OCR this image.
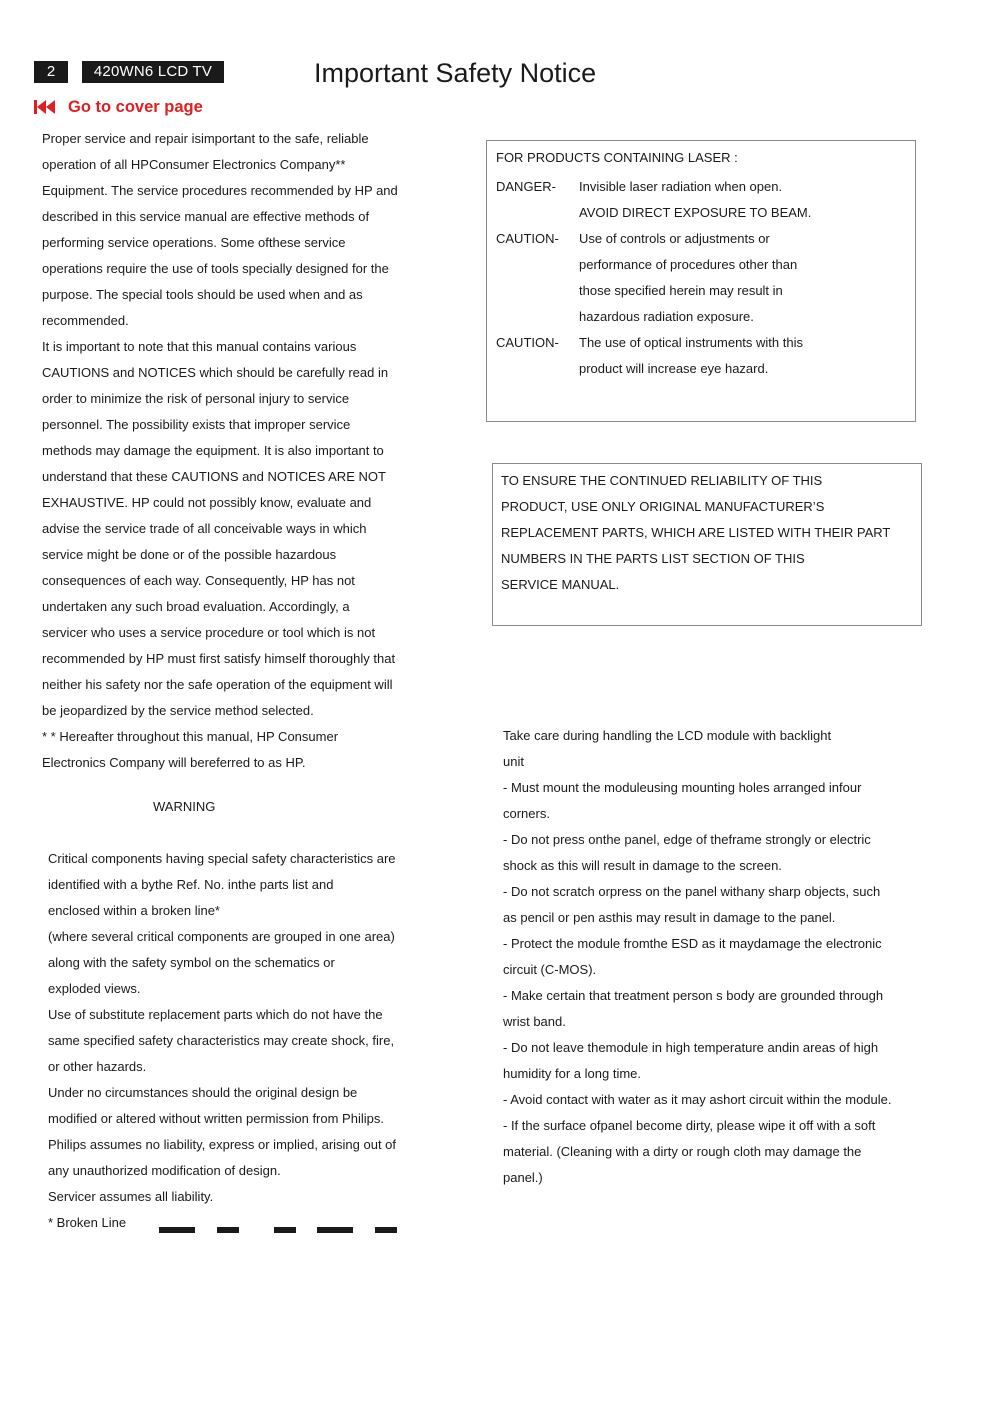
2	420WN6 LCD TV	Important Safety Notice
Go to cover page
Proper service and repair isimportant to the safe, reliable
operation of all HPConsumer Electronics Company**
Equipment. The service procedures recommended by HP and
described in this service manual are effective methods of
performing service operations. Some ofthese service
operations require the use of tools specially designed for the
purpose. The special tools should be used when and as
recommended.
It is important to note that this manual contains various
CAUTIONS and NOTICES which should be carefully read in
order to minimize the risk of personal injury to service
personnel. The possibility exists that improper service
methods may damage the equipment. It is also important to
understand that these CAUTIONS and NOTICES ARE NOT
EXHAUSTIVE. HP could not possibly know, evaluate and
advise the service trade of all conceivable ways in which
service might be done or of the possible hazardous
consequences of each way. Consequently, HP has not
undertaken any such broad evaluation. Accordingly, a
servicer who uses a service procedure or tool which is not
recommended by HP must first satisfy himself thoroughly that
neither his safety nor the safe operation of the equipment will
be jeopardized by the service method selected.
* * Hereafter throughout this manual, HP Consumer
Electronics Company will bereferred to as HP.
WARNING
Critical components having special safety characteristics are
identified with a bythe Ref. No. inthe parts list and
enclosed within a broken line*
(where several critical components are grouped in one area)
along with the safety symbol on the schematics or
exploded views.
Use of substitute replacement parts which do not have the
same specified safety characteristics may create shock, fire,
or other hazards.
Under no circumstances should the original design be
modified or altered without written permission from Philips.
Philips assumes no liability, express or implied, arising out of
any unauthorized modification of design.
Servicer assumes all liability.
* Broken Line
FOR PRODUCTS CONTAINING LASER :
DANGER-	Invisible laser radiation when open.
AVOID DIRECT EXPOSURE TO BEAM.
CAUTION-	Use of controls or adjustments or
performance of procedures other than
those specified herein may result in
hazardous radiation exposure.
CAUTION-	The use of optical instruments with this
product will increase eye hazard.
TO ENSURE THE CONTINUED RELIABILITY OF THIS
PRODUCT, USE ONLY ORIGINAL MANUFACTURER’S
REPLACEMENT PARTS, WHICH ARE LISTED WITH THEIR PART
NUMBERS IN THE PARTS LIST SECTION OF THIS
SERVICE MANUAL.
Take care during handling the LCD module with backlight
unit
- Must mount the moduleusing mounting holes arranged infour
corners.
- Do not press onthe panel, edge of theframe strongly or electric
shock as this will result in damage to the screen.
- Do not scratch orpress on the panel withany sharp objects, such
as pencil or pen asthis may result in damage to the panel.
- Protect the module fromthe ESD as it maydamage the electronic
circuit (C-MOS).
- Make certain that treatment person s body are grounded through
wrist band.
- Do not leave themodule in high temperature andin areas of high
humidity for a long time.
- Avoid contact with water as it may ashort circuit within the module.
- If the surface ofpanel become dirty, please wipe it off with a soft
material. (Cleaning with a dirty or rough cloth may damage the
panel.)
